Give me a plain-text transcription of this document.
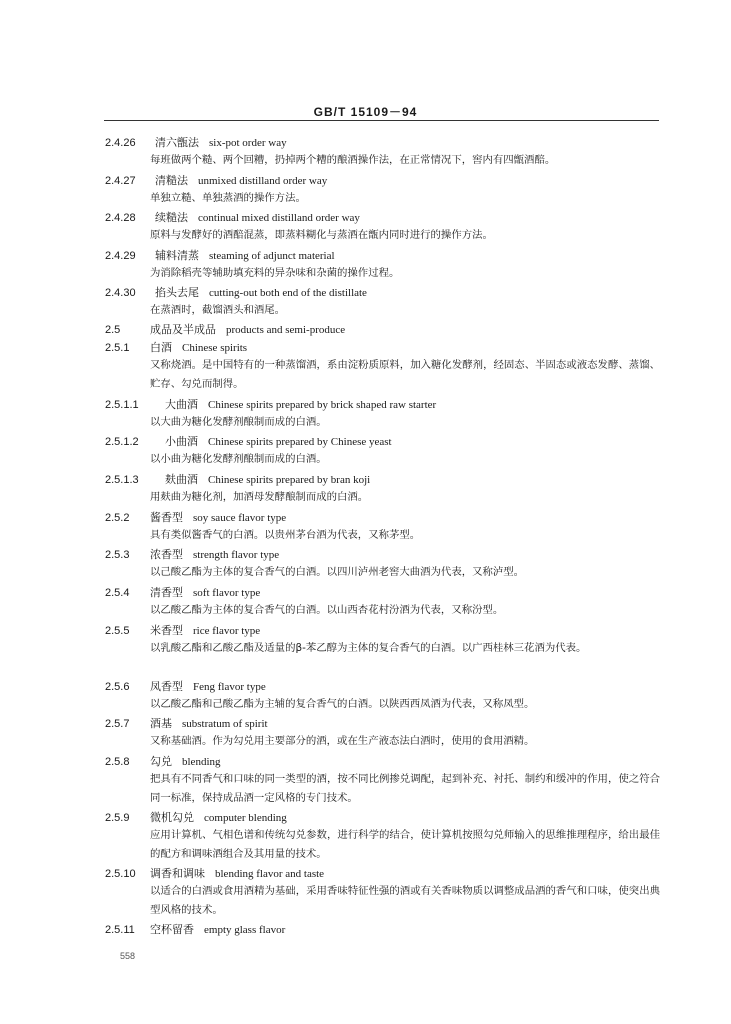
GB/T 15109－94
2.4.26 清六甑法 six-pot order way
每班做两个糙、两个回糟，扔掉两个糟的酿酒操作法，在正常情况下，窖内有四甑酒醅。
2.4.27 清糙法 unmixed distilland order way
单独立糙、单独蒸酒的操作方法。
2.4.28 续糙法 continual mixed distilland order way
原料与发酵好的酒醅混蒸，即蒸料糊化与蒸酒在甑内同时进行的操作方法。
2.4.29 辅料清蒸 steaming of adjunct material
为消除稻壳等辅助填充料的异杂味和杂菌的操作过程。
2.4.30 掐头去尾 cutting-out both end of the distillate
在蒸酒时，截馏酒头和酒尾。
2.5	成品及半成品 products and semi-produce
2.5.1 白酒 Chinese spirits
又称烧酒。是中国特有的一种蒸馏酒，系由淀粉质原料，加入糖化发酵剂，经固态、半固态或液态发酵、蒸馏、贮存、勾兑而制得。
2.5.1.1 大曲酒 Chinese spirits prepared by brick shaped raw starter
以大曲为糖化发酵剂酿制而成的白酒。
2.5.1.2 小曲酒 Chinese spirits prepared by Chinese yeast
以小曲为糖化发酵剂酿制而成的白酒。
2.5.1.3 麸曲酒 Chinese spirits prepared by bran koji
用麸曲为糖化剂，加酒母发酵酿制而成的白酒。
2.5.2 酱香型 soy sauce flavor type
具有类似酱香气的白酒。以贵州茅台酒为代表，又称茅型。
2.5.3 浓香型 strength flavor type
以己酸乙酯为主体的复合香气的白酒。以四川泸州老窖大曲酒为代表，又称泸型。
2.5.4 清香型 soft flavor type
以乙酸乙酯为主体的复合香气的白酒。以山西杏花村汾酒为代表，又称汾型。
2.5.5 米香型 rice flavor type
以乳酸乙酯和乙酸乙酯及适量的β-苯乙醇为主体的复合香气的白酒。以广西桂林三花酒为代表。
2.5.6 凤香型 Feng flavor type
以乙酸乙酯和己酸乙酯为主辅的复合香气的白酒。以陕西西凤酒为代表，又称凤型。
2.5.7 酒基 substratum of spirit
又称基础酒。作为勾兑用主要部分的酒，或在生产液态法白酒时，使用的食用酒精。
2.5.8 勾兑 blending
把具有不同香气和口味的同一类型的酒，按不同比例掺兑调配，起到补充、衬托、制约和缓冲的作用，使之符合同一标准，保持成品酒一定风格的专门技术。
2.5.9 微机勾兑 computer blending
应用计算机、气相色谱和传统勾兑参数，进行科学的结合，使计算机按照勾兑师输入的思维推理程序，给出最佳的配方和调味酒组合及其用量的技术。
2.5.10 调香和调味 blending flavor and taste
以适合的白酒或食用酒精为基础，采用香味特征性强的酒或有关香味物质以调整成品酒的香气和口味，使突出典型风格的技术。
2.5.11 空杯留香 empty glass flavor
558
